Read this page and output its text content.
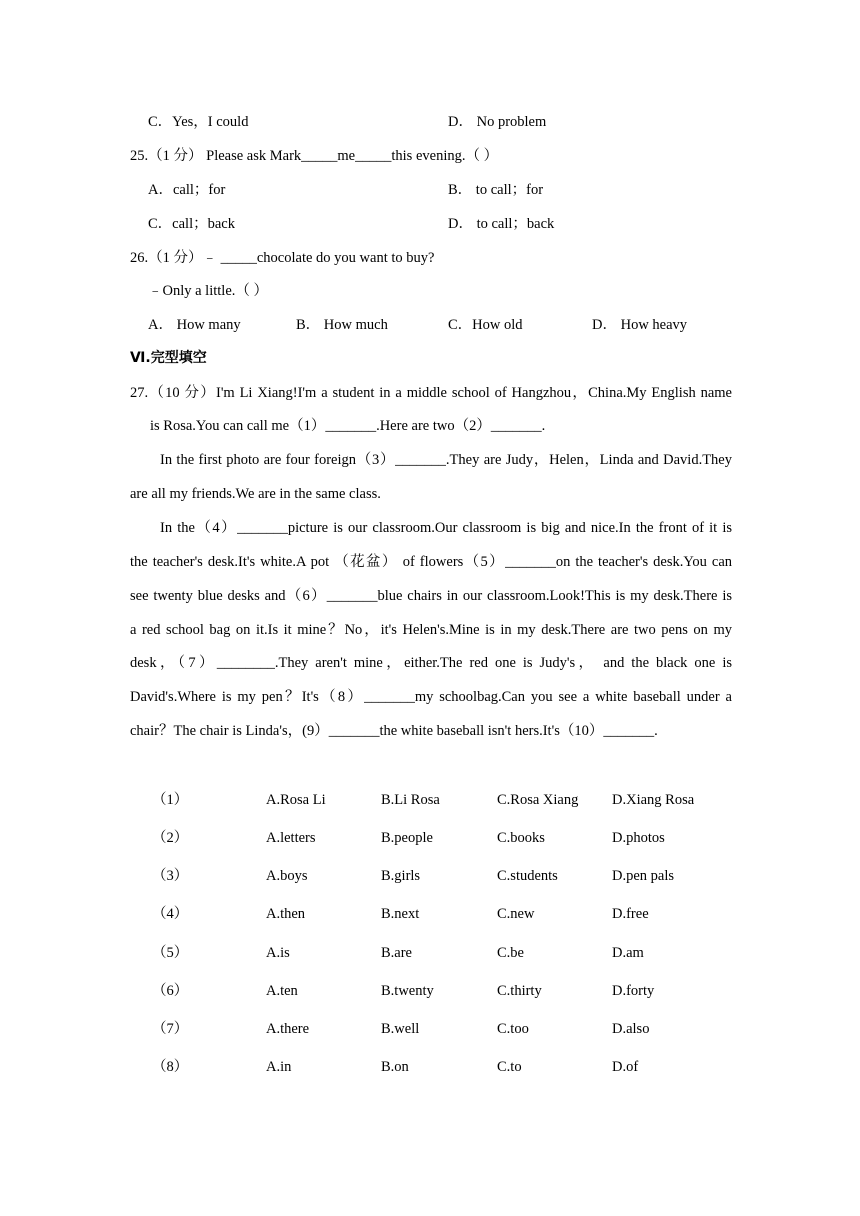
C．Yes，I could	D． No problem
25.（1 分） Please ask Mark_____me_____this evening.（ ）
A．call；for	B． to call；for
C．call；back	D． to call；back
26.（1 分）﹣ _____chocolate do you want to buy?
﹣Only a little.（ ）
A． How many	B． How much	C．How old	D． How heavy
Ⅵ.完型填空
27.（10 分）I'm Li Xiang!I'm a student in a middle school of Hangzhou，China.My English name
is Rosa.You can call me（1）_______.Here are two（2）_______.
In the first photo are four foreign（3）_______.They are Judy，Helen，Linda and David.They
are all my friends.We are in the same class.
In the（4）_______picture is our classroom.Our classroom is big and nice.In the front of it is
the teacher's desk.It's white.A pot （花盆） of flowers（5）_______on the teacher's desk.You can
see twenty blue desks and（6）_______blue chairs in our classroom.Look!This is my desk.There is
a red school bag on it.Is it mine？No，it's Helen's.Mine is in my desk.There are two pens on my
desk，（7）________.They aren't mine，either.The red one is Judy's， and the black one is
David's.Where is my pen？It's（8）_______my schoolbag.Can you see a white baseball under a
chair？The chair is Linda's，(9）_______the white baseball isn't hers.It's（10）_______.
（1）	A.Rosa Li	B.Li Rosa	C.Rosa Xiang D.Xiang Rosa
（2）	A.letters	B.people	C.books	D.photos
（3）	A.boys	B.girls	C.students	D.pen pals
（4）	A.then	B.next	C.new	D.free
（5）	A.is	B.are	C.be	D.am
（6）	A.ten	B.twenty	C.thirty	D.forty
（7）	A.there	B.well	C.too	D.also
（8）	A.in	B.on	C.to	D.of
